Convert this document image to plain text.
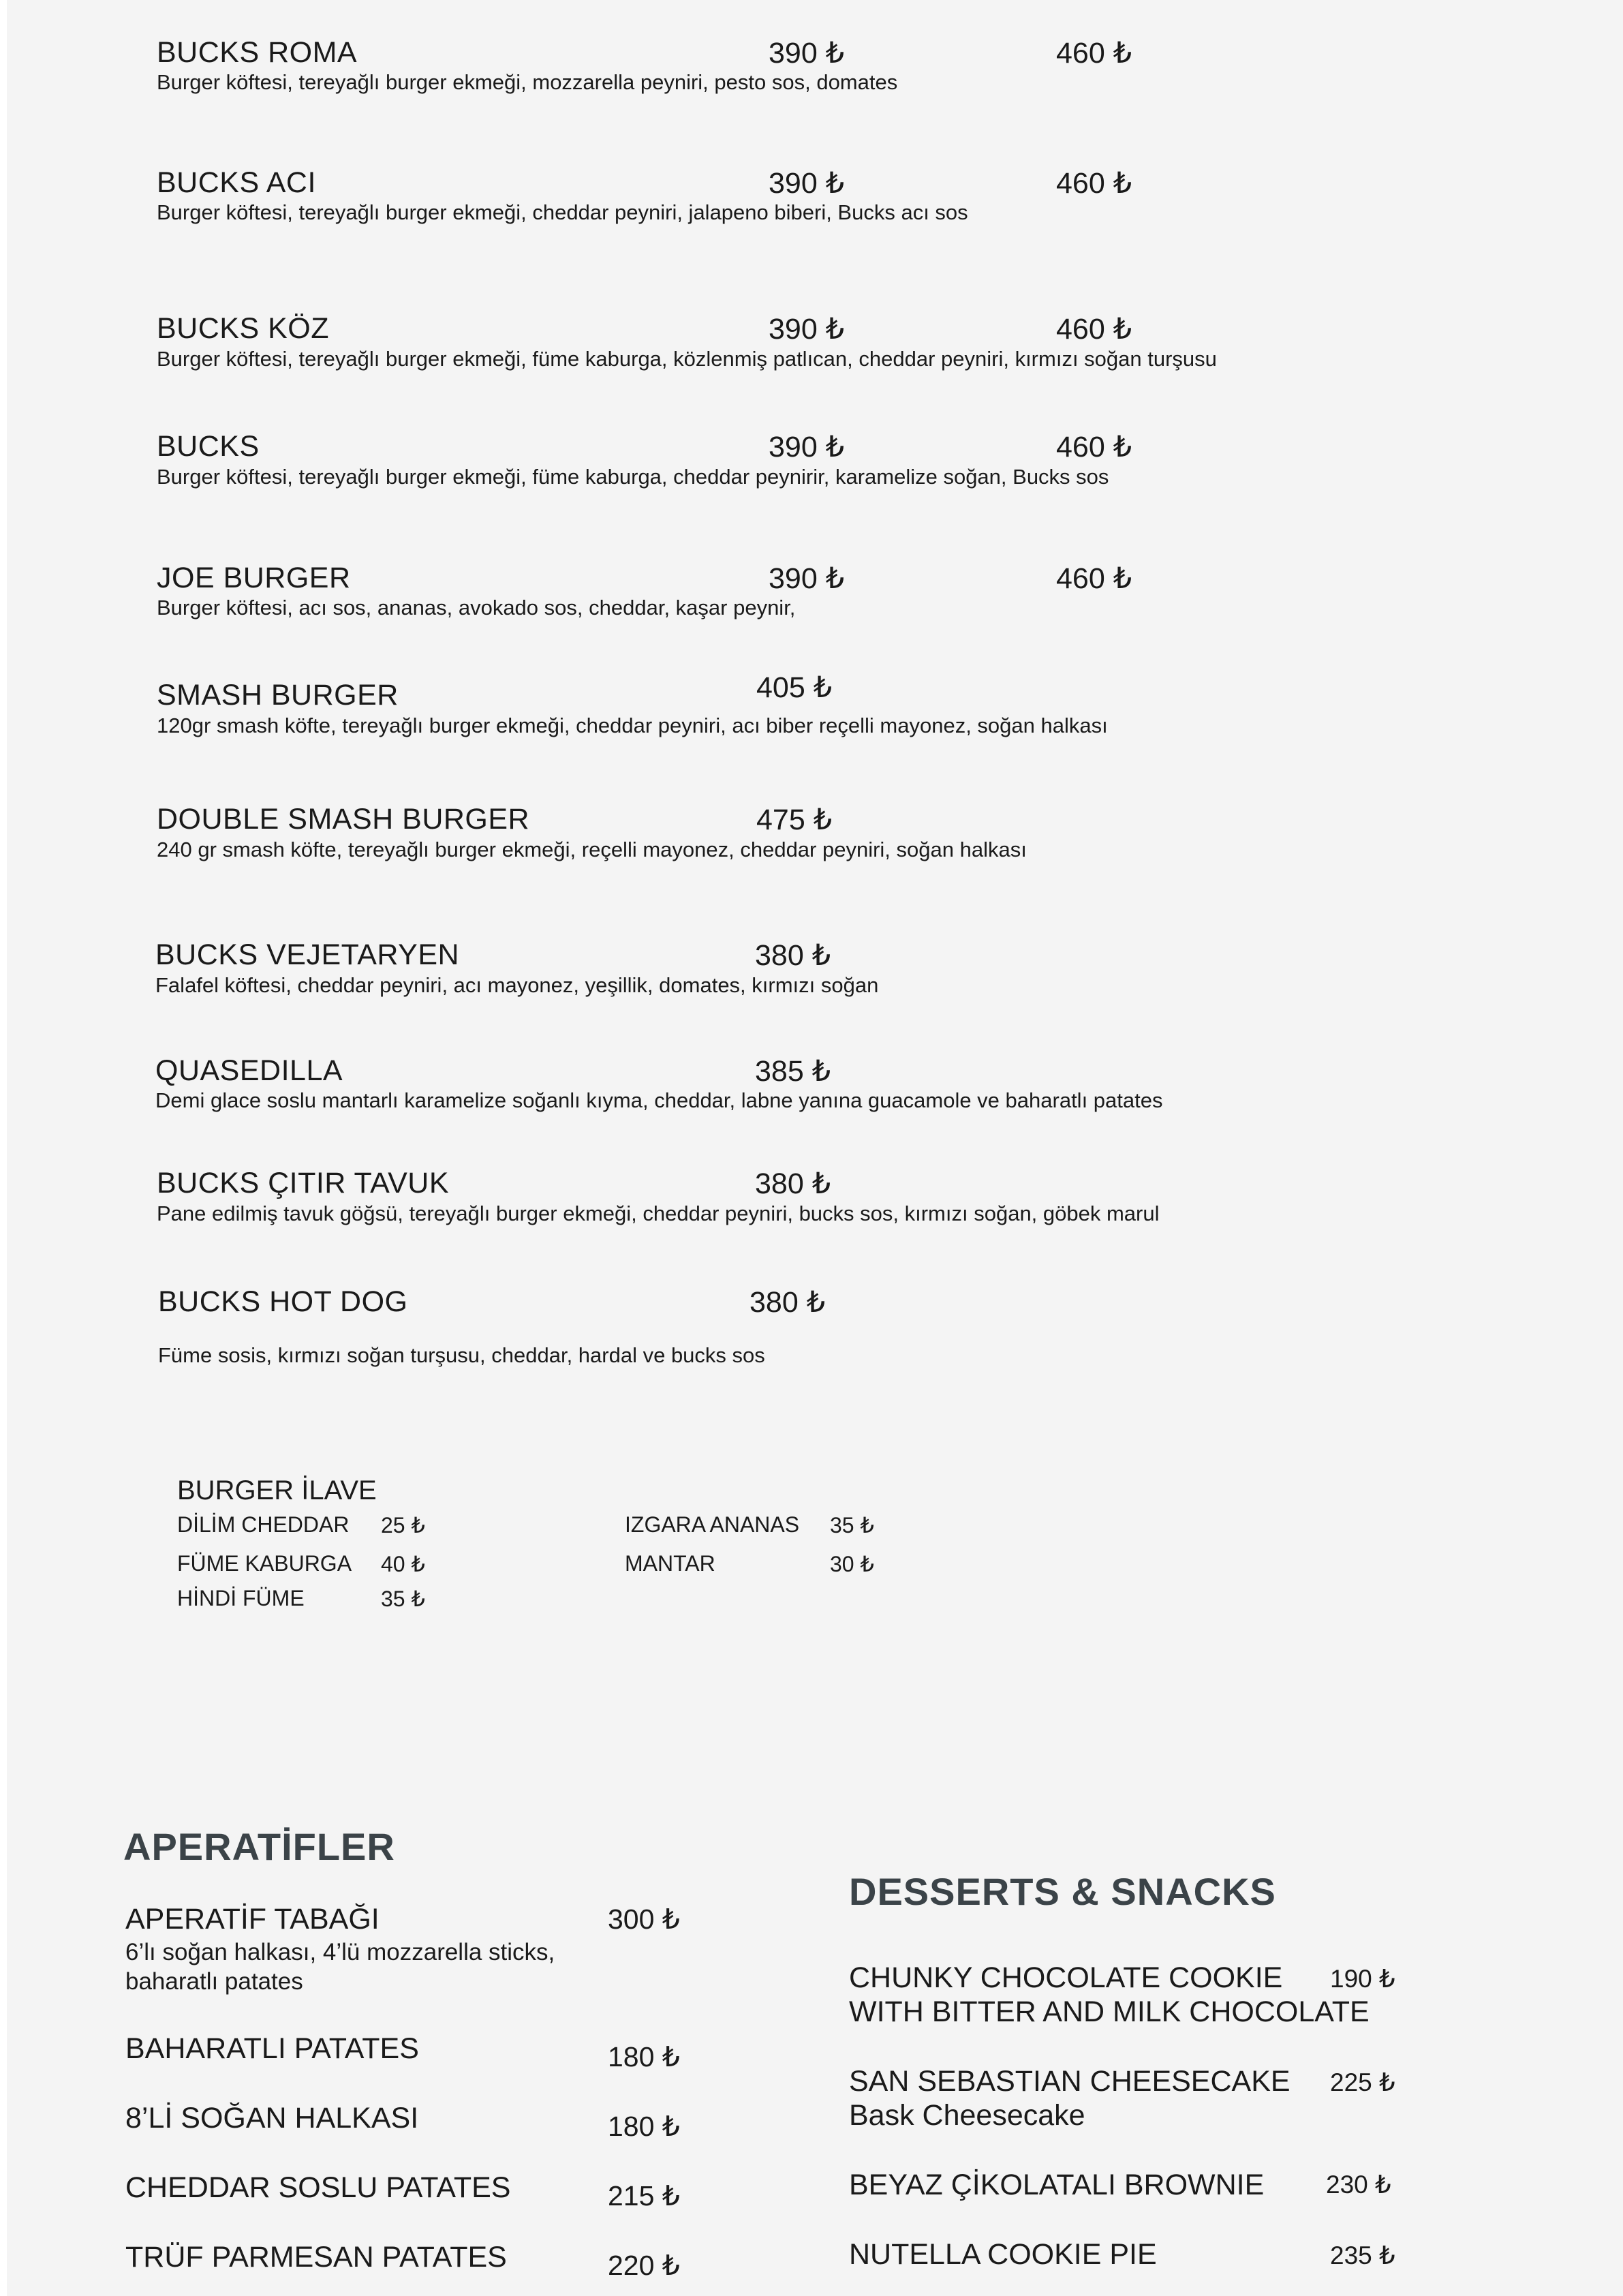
BUCKS ROMA	390 ₺	460 ₺
Burger köftesi, tereyağlı burger ekmeği, mozzarella peyniri, pesto sos, domates
BUCKS ACI	390 ₺	460 ₺
Burger köftesi, tereyağlı burger ekmeği, cheddar peyniri, jalapeno biberi, Bucks acı sos
BUCKS KÖZ	390 ₺	460 ₺
Burger köftesi, tereyağlı burger ekmeği, füme kaburga, közlenmiş patlıcan, cheddar peyniri, kırmızı soğan turşusu
BUCKS	390 ₺	460 ₺
Burger köftesi, tereyağlı burger ekmeği, füme kaburga, cheddar peynirir, karamelize soğan, Bucks sos
JOE BURGER	390 ₺	460 ₺
Burger köftesi, acı sos, ananas, avokado sos, cheddar, kaşar peynir,
SMASH BURGER	405 ₺
120gr smash köfte, tereyağlı burger ekmeği, cheddar peyniri, acı biber reçelli mayonez, soğan halkası
DOUBLE SMASH BURGER	475 ₺
240 gr smash köfte, tereyağlı burger ekmeği, reçelli mayonez, cheddar peyniri, soğan halkası
BUCKS VEJETARYEN	380 ₺
Falafel köftesi, cheddar peyniri, acı mayonez, yeşillik, domates, kırmızı soğan
QUASEDILLA	385 ₺
Demi glace soslu mantarlı karamelize soğanlı kıyma, cheddar, labne yanına guacamole ve baharatlı patates
BUCKS ÇITIR TAVUK	380 ₺
Pane edilmiş tavuk göğsü, tereyağlı burger ekmeği, cheddar peyniri, bucks sos, kırmızı soğan, göbek marul
BUCKS HOT DOG	380 ₺
Füme sosis, kırmızı soğan turşusu, cheddar, hardal ve bucks sos
BURGER İLAVE
DİLİM CHEDDAR 25 ₺
FÜME KABURGA 40 ₺
HİNDİ FÜME	35 ₺
IZGARA ANANAS 35 ₺
MANTAR	30 ₺
APERATİFLER
APERATİF TABAĞI	300 ₺
6’lı soğan halkası, 4’lü mozzarella sticks,
baharatlı patates
BAHARATLI PATATES	180 ₺
8’Lİ SOĞAN HALKASI	180 ₺
CHEDDAR SOSLU PATATES	215 ₺
TRÜF PARMESAN PATATES	220 ₺
DESSERTS & SNACKS
CHUNKY CHOCOLATE COOKIE 190 ₺
WITH BITTER AND MILK CHOCOLATE
SAN SEBASTIAN CHEESECAKE 225 ₺
Bask Cheesecake
BEYAZ ÇİKOLATALI BROWNIE 230 ₺
NUTELLA COOKIE PIE	235 ₺
